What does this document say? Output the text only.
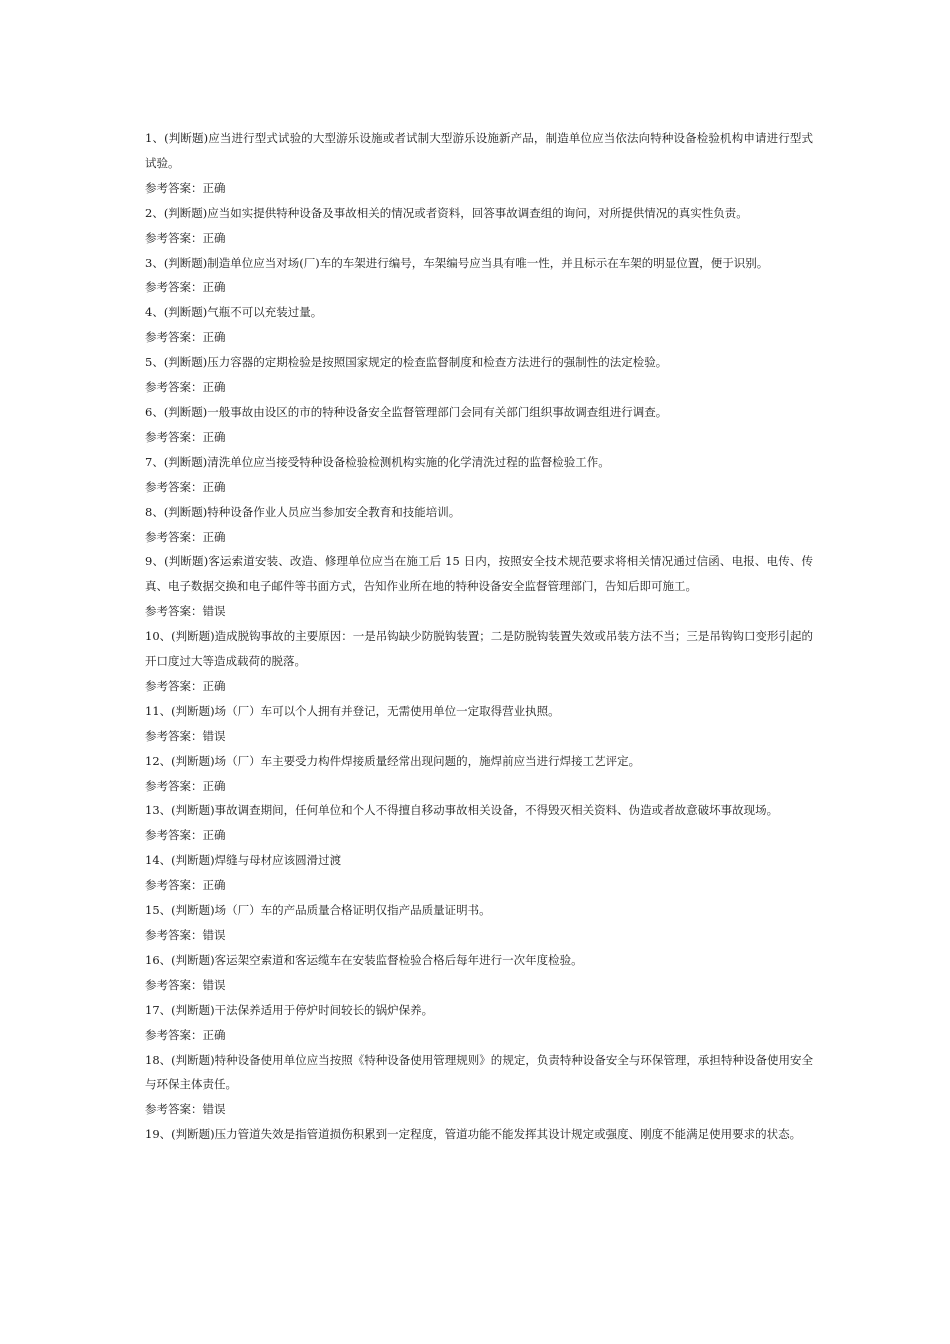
1、(判断题)应当进行型式试验的大型游乐设施或者试制大型游乐设施新产品，制造单位应当依法向特种设备检验机构申请进行型式试验。

参考答案：正确

2、(判断题)应当如实提供特种设备及事故相关的情况或者资料，回答事故调查组的询问，对所提供情况的真实性负责。

参考答案：正确

3、(判断题)制造单位应当对场(厂)车的车架进行编号，车架编号应当具有唯一性，并且标示在车架的明显位置，便于识别。

参考答案：正确

4、(判断题)气瓶不可以充装过量。

参考答案：正确

5、(判断题)压力容器的定期检验是按照国家规定的检查监督制度和检查方法进行的强制性的法定检验。

参考答案：正确

6、(判断题)一般事故由设区的市的特种设备安全监督管理部门会同有关部门组织事故调查组进行调查。

参考答案：正确

7、(判断题)清洗单位应当接受特种设备检验检测机构实施的化学清洗过程的监督检验工作。

参考答案：正确

8、(判断题)特种设备作业人员应当参加安全教育和技能培训。

参考答案：正确

9、(判断题)客运索道安装、改造、修理单位应当在施工后 15 日内，按照安全技术规范要求将相关情况通过信函、电报、电传、传真、电子数据交换和电子邮件等书面方式，告知作业所在地的特种设备安全监督管理部门，告知后即可施工。

参考答案：错误

10、(判断题)造成脱钩事故的主要原因：一是吊钩缺少防脱钩装置；二是防脱钩装置失效或吊装方法不当；三是吊钩钩口变形引起的开口度过大等造成载荷的脱落。

参考答案：正确

11、(判断题)场（厂）车可以个人拥有并登记，无需使用单位一定取得营业执照。

参考答案：错误

12、(判断题)场（厂）车主要受力构件焊接质量经常出现问题的，施焊前应当进行焊接工艺评定。

参考答案：正确

13、(判断题)事故调查期间，任何单位和个人不得擅自移动事故相关设备，不得毁灭相关资料、伪造或者故意破坏事故现场。

参考答案：正确

14、(判断题)焊缝与母材应该圆滑过渡

参考答案：正确

15、(判断题)场（厂）车的产品质量合格证明仅指产品质量证明书。

参考答案：错误

16、(判断题)客运架空索道和客运缆车在安装监督检验合格后每年进行一次年度检验。

参考答案：错误

17、(判断题)干法保养适用于停炉时间较长的锅炉保养。

参考答案：正确

18、(判断题)特种设备使用单位应当按照《特种设备使用管理规则》的规定，负责特种设备安全与环保管理，承担特种设备使用安全与环保主体责任。

参考答案：错误

19、(判断题)压力管道失效是指管道损伤积累到一定程度，管道功能不能发挥其设计规定或强度、刚度不能满足使用要求的状态。
